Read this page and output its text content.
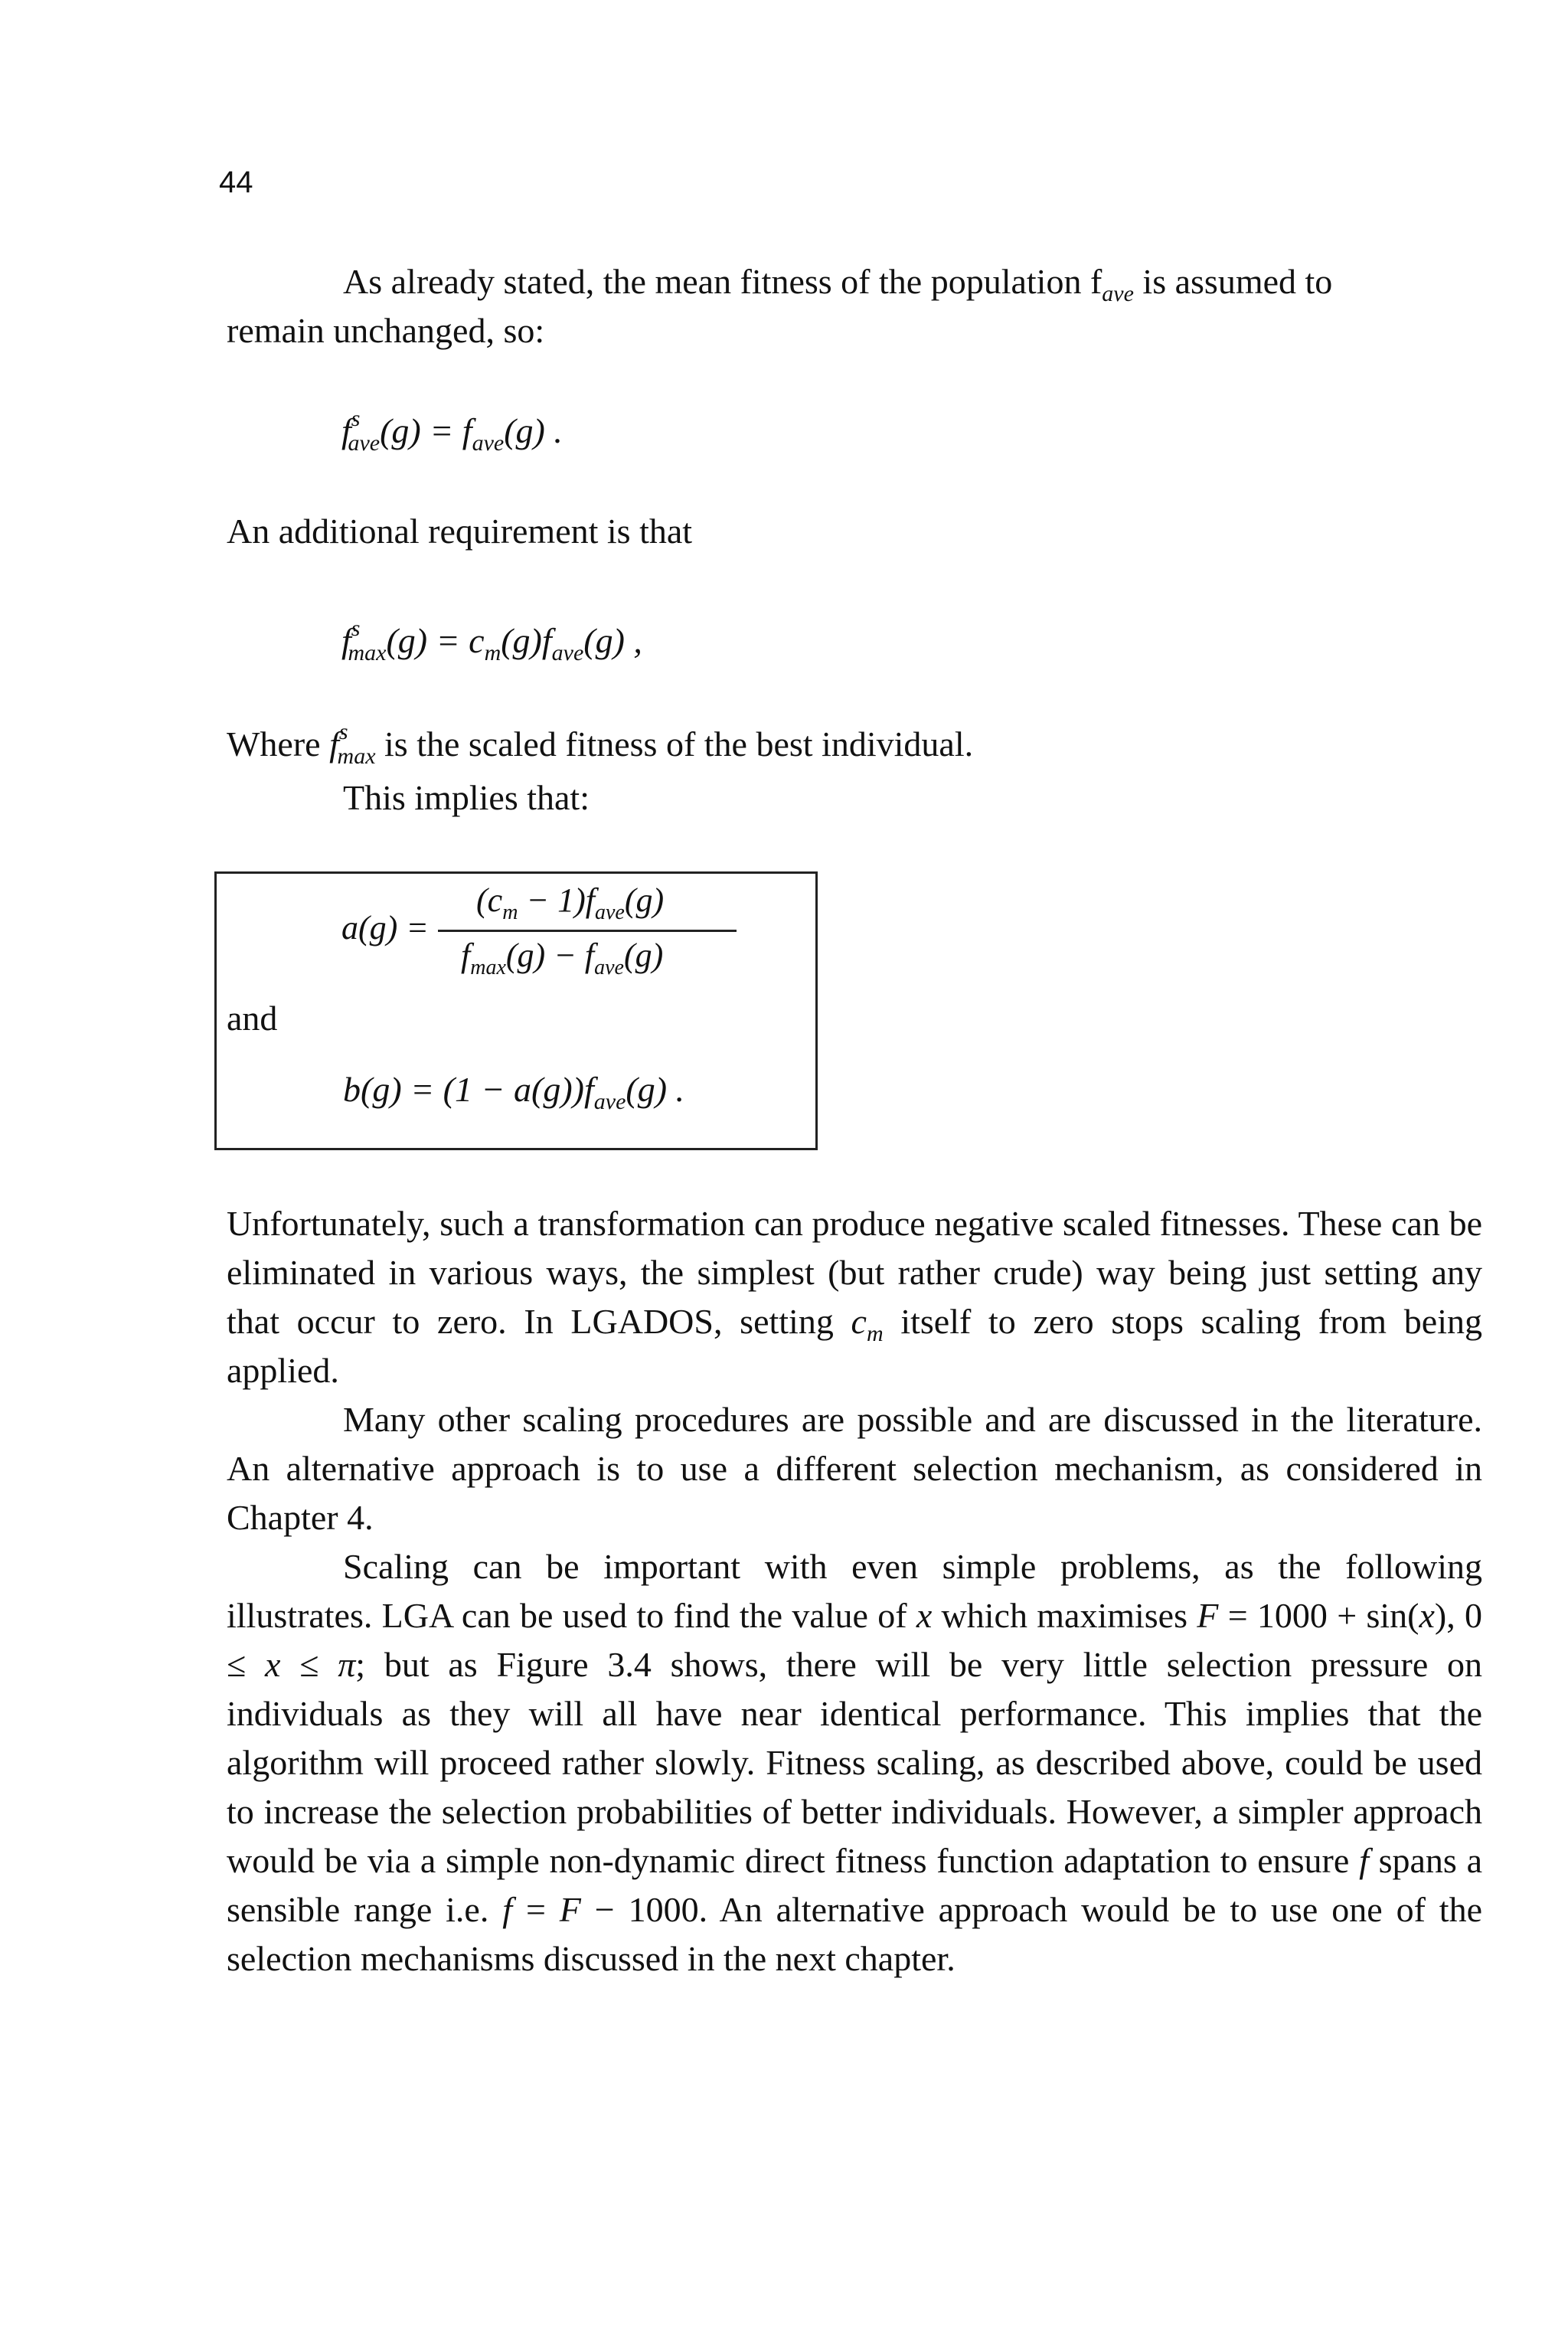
44
As already stated, the mean fitness of the population $f_{ave}$ is assumed to
remain unchanged, so:
$f^s_{ave}(g) = f_{ave}(g)$ .
An additional requirement is that
$f^s_{max}(g) = c_m(g)f_{ave}(g)$ ,
Where $f^s_{max}$ is the scaled fitness of the best individual.
This implies that:
a(g) =
$(c_m - 1)f_{ave}(g)$
$f_{max}(g) - f_{ave}(g)$
and
$b(g) = (1 - a(g))f_{ave}(g)$ .

Unfortunately, such a transformation can produce negative scaled fitnesses. These can be eliminated in various ways, the simplest (but rather crude) way being just setting any that occur to zero. In LGADOS, setting $c_m$ itself to zero stops scaling from being applied.

Many other scaling procedures are possible and are discussed in the literature. An alternative approach is to use a different selection mechanism, as considered in Chapter 4.

Scaling can be important with even simple problems, as the following illustrates. LGA can be used to find the value of x which maximises F = 1000 + sin(x), 0 ≤ x ≤ π; but as Figure 3.4 shows, there will be very little selection pressure on individuals as they will all have near identical performance. This implies that the algorithm will proceed rather slowly. Fitness scaling, as described above, could be used to increase the selection probabilities of better individuals. However, a simpler approach would be via a simple non-dynamic direct fitness function adaptation to ensure f spans a sensible range i.e. f = F − 1000. An alternative approach would be to use one of the selection mechanisms discussed in the next chapter.
